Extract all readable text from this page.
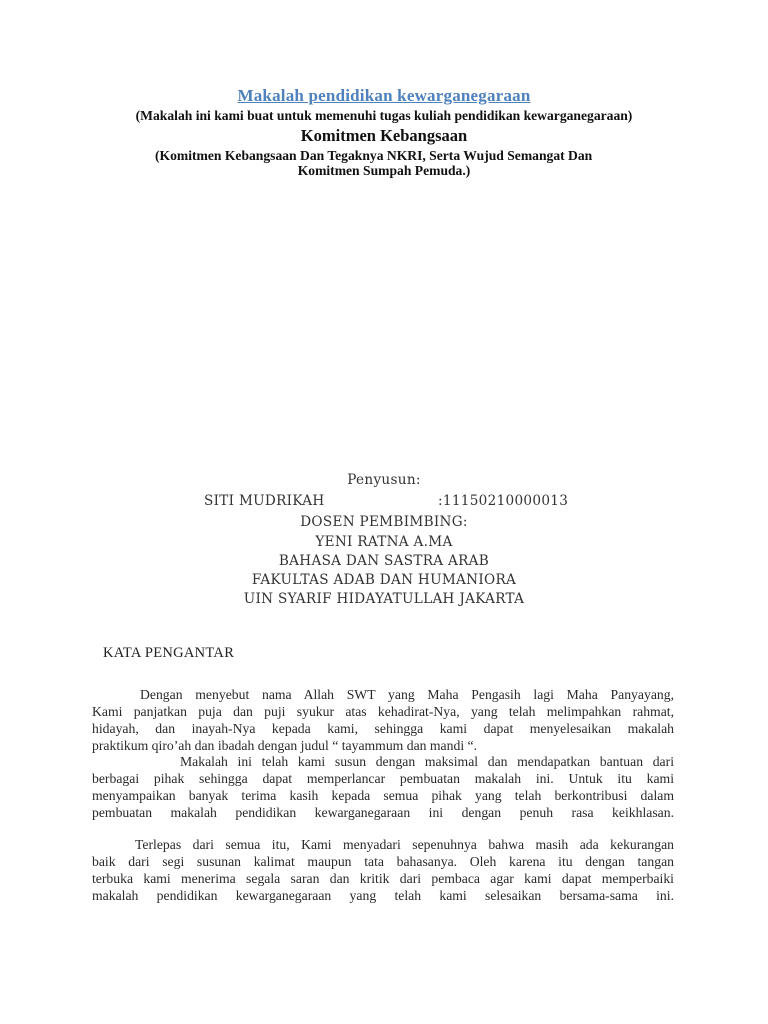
Makalah pendidikan kewarganegaraan
(Makalah ini kami buat untuk memenuhi tugas kuliah pendidikan kewarganegaraan)
Komitmen Kebangsaan
(Komitmen Kebangsaan Dan Tegaknya NKRI, Serta Wujud Semangat Dan
Komitmen Sumpah Pemuda.)
Penyusun:
SITI MUDRIKAH	:11150210000013
DOSEN PEMBIMBING:
YENI RATNA A.MA
BAHASA DAN SASTRA ARAB
FAKULTAS ADAB DAN HUMANIORA
UIN SYARIF HIDAYATULLAH JAKARTA
KATA PENGANTAR
Dengan menyebut nama Allah SWT yang Maha Pengasih lagi Maha Panyayang,
Kami panjatkan puja dan puji syukur atas kehadirat-Nya, yang telah melimpahkan rahmat,
hidayah, dan inayah-Nya kepada kami, sehingga kami dapat menyelesaikan makalah
praktikum qiro’ah dan ibadah dengan judul “ tayammum dan mandi “.
Makalah ini telah kami susun dengan maksimal dan mendapatkan bantuan dari
berbagai pihak sehingga dapat memperlancar pembuatan makalah ini. Untuk itu kami
menyampaikan banyak terima kasih kepada semua pihak yang telah berkontribusi dalam
pembuatan makalah pendidikan kewarganegaraan ini dengan penuh rasa keikhlasan.
Terlepas dari semua itu, Kami menyadari sepenuhnya bahwa masih ada kekurangan
baik dari segi susunan kalimat maupun tata bahasanya. Oleh karena itu dengan tangan
terbuka kami menerima segala saran dan kritik dari pembaca agar kami dapat memperbaiki
makalah pendidikan kewarganegaraan yang telah kami selesaikan bersama-sama ini.
